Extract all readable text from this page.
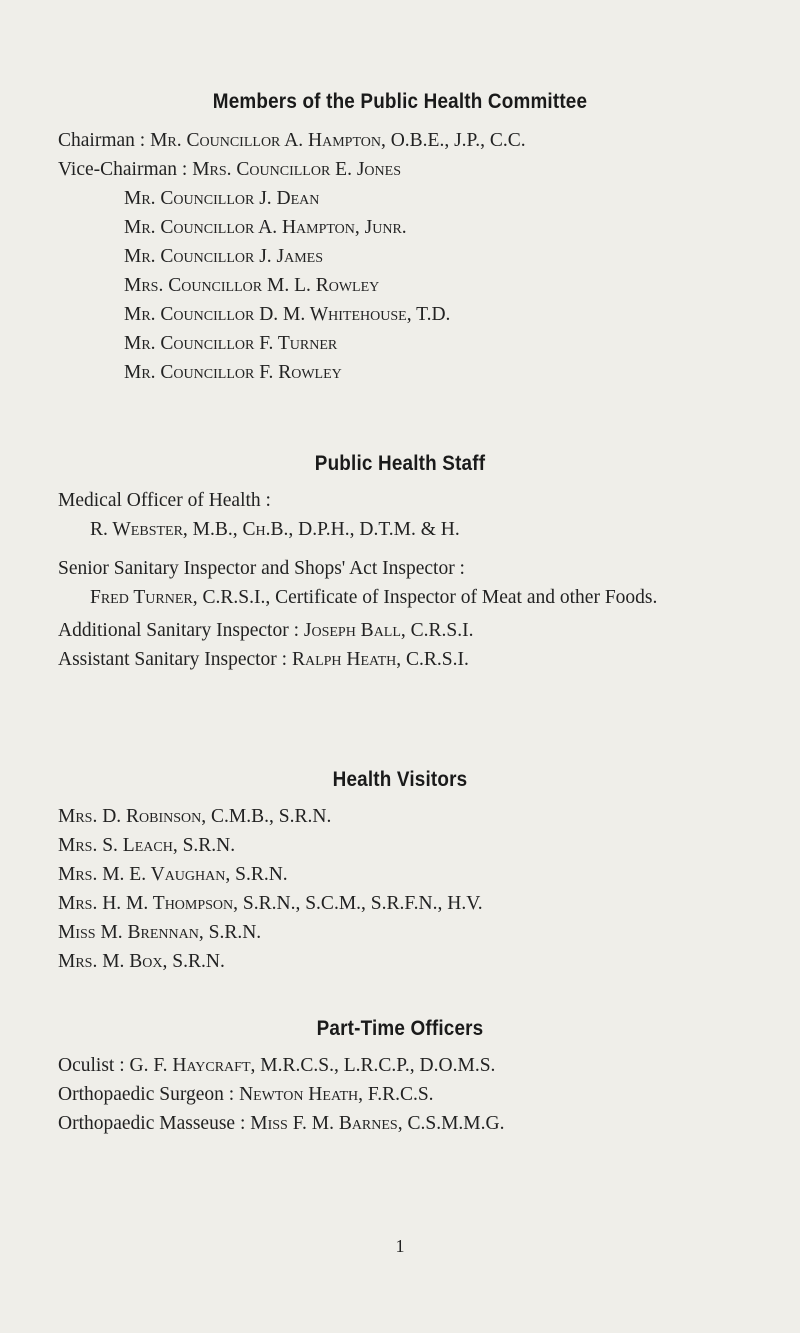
Members of the Public Health Committee
Chairman : Mr. Councillor A. Hampton, O.B.E., J.P., C.C.
Vice-Chairman : Mrs. Councillor E. Jones
Mr. Councillor J. Dean
Mr. Councillor A. Hampton, Junr.
Mr. Councillor J. James
Mrs. Councillor M. L. Rowley
Mr. Councillor D. M. Whitehouse, T.D.
Mr. Councillor F. Turner
Mr. Councillor F. Rowley
Public Health Staff
Medical Officer of Health :
R. Webster, M.B., Ch.B., D.P.H., D.T.M. & H.
Senior Sanitary Inspector and Shops' Act Inspector :
Fred Turner, C.R.S.I., Certificate of Inspector of Meat and other Foods.
Additional Sanitary Inspector : Joseph Ball, C.R.S.I.
Assistant Sanitary Inspector : Ralph Heath, C.R.S.I.
Health Visitors
Mrs. D. Robinson, C.M.B., S.R.N.
Mrs. S. Leach, S.R.N.
Mrs. M. E. Vaughan, S.R.N.
Mrs. H. M. Thompson, S.R.N., S.C.M., S.R.F.N., H.V.
Miss M. Brennan, S.R.N.
Mrs. M. Box, S.R.N.
Part-Time Officers
Oculist : G. F. Haycraft, M.R.C.S., L.R.C.P., D.O.M.S.
Orthopaedic Surgeon : Newton Heath, F.R.C.S.
Orthopaedic Masseuse : Miss F. M. Barnes, C.S.M.M.G.
1
